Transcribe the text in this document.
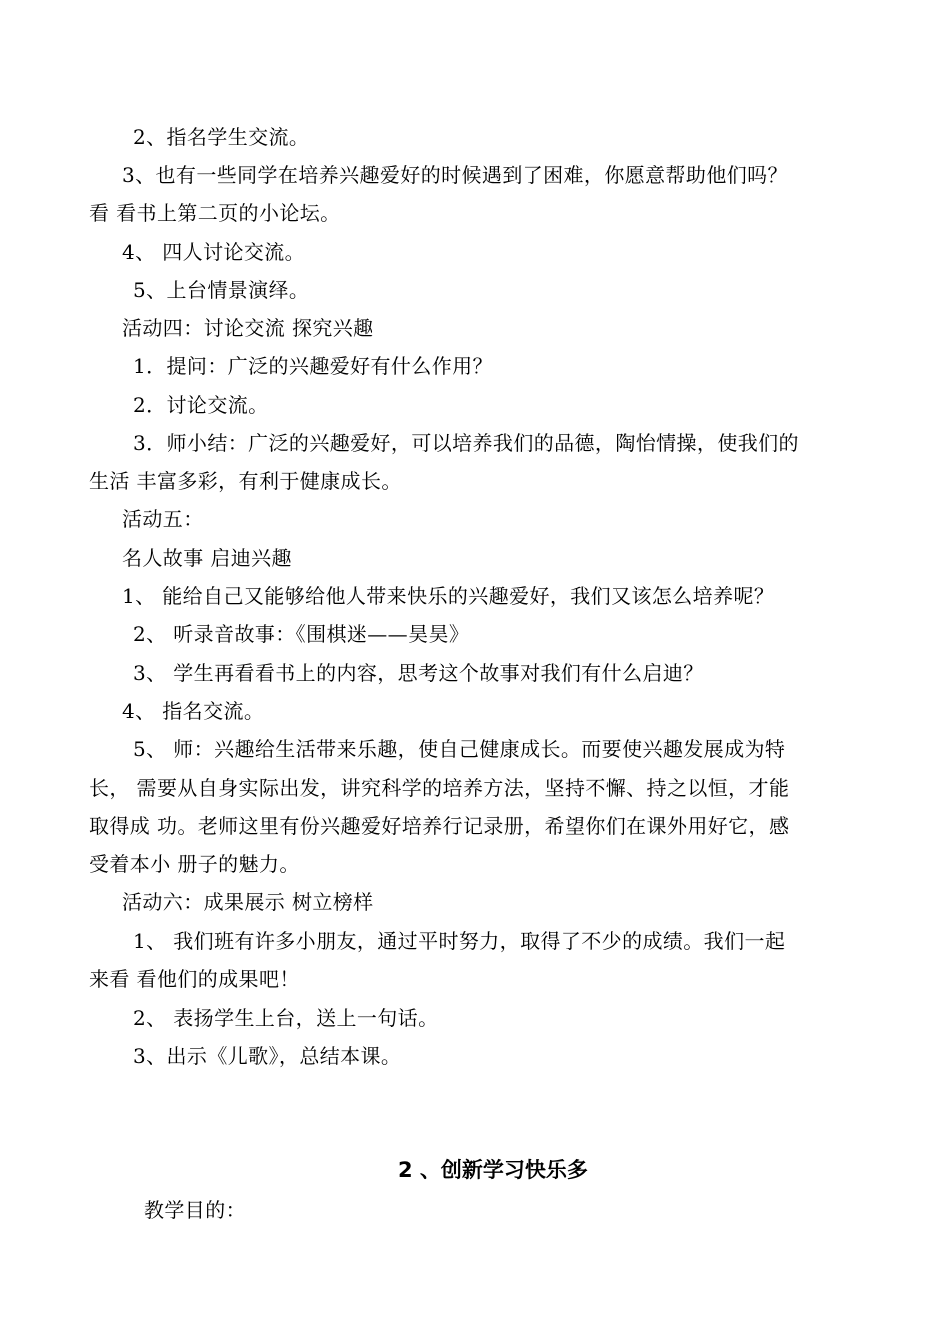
2、指名学生交流。
3、也有一些同学在培养兴趣爱好的时候遇到了困难，你愿意帮助他们吗？
看 看书上第二页的小论坛。
4、 四人讨论交流。
5、上台情景演绎。
活动四：讨论交流 探究兴趣
1．提问：广泛的兴趣爱好有什么作用？
2．讨论交流。
3．师小结：广泛的兴趣爱好，可以培养我们的品德，陶怡情操，使我们的
生活 丰富多彩，有利于健康成长。
活动五：
名人故事 启迪兴趣
1、 能给自己又能够给他人带来快乐的兴趣爱好，我们又该怎么培养呢？
2、 听录音故事：《围棋迷——昊昊》
3、 学生再看看书上的内容，思考这个故事对我们有什么启迪？
4、 指名交流。
5、 师：兴趣给生活带来乐趣，使自己健康成长。而要使兴趣发展成为特
长， 需要从自身实际出发，讲究科学的培养方法，坚持不懈、持之以恒，才能
取得成 功。老师这里有份兴趣爱好培养行记录册，希望你们在课外用好它，感
受着本小 册子的魅力。
活动六：成果展示 树立榜样
1、 我们班有许多小朋友，通过平时努力，取得了不少的成绩。我们一起
来看 看他们的成果吧！
2、 表扬学生上台，送上一句话。
3、出示《儿歌》，总结本课。
2 、创新学习快乐多
教学目的：
